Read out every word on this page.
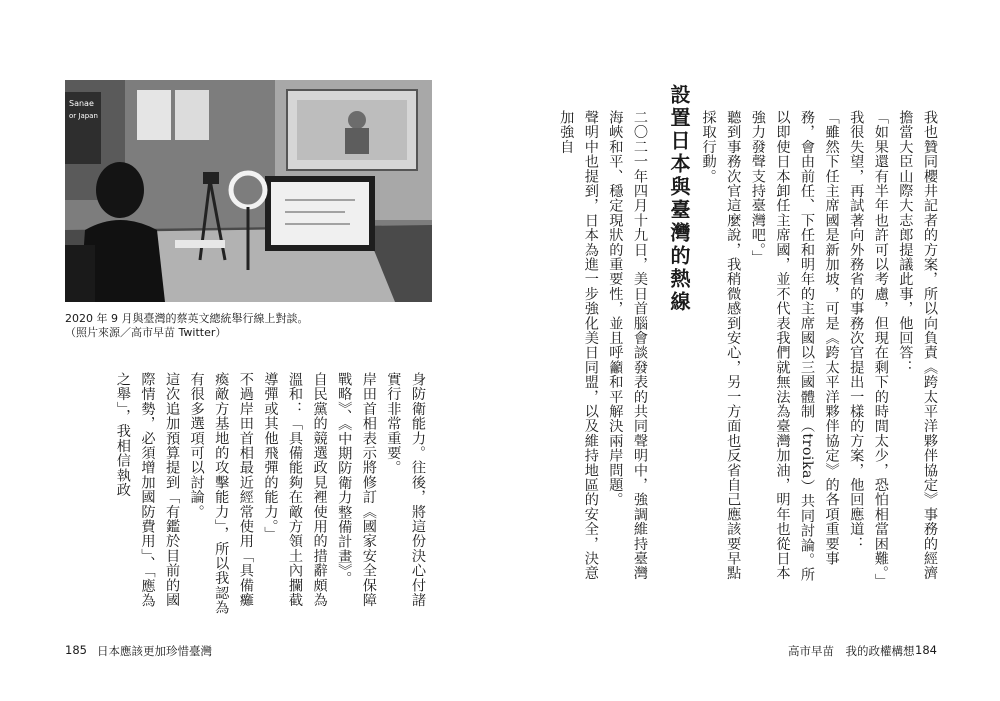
我也贊同櫻井記者的方案，所以向負責《跨太平洋夥伴協定》事務的經濟擔當大臣山際大志郎提議此事，他回答：

「如果還有半年也許可以考慮，但現在剩下的時間太少，恐怕相當困難。」

我很失望，再試著向外務省的事務次官提出一樣的方案，他回應道：

「雖然下任主席國是新加坡，可是《跨太平洋夥伴協定》的各項重要事務，會由前任、下任和明年的主席國以三國體制（troika）共同討論。所以即使日本卸任主席國，並不代表我們就無法為臺灣加油，明年也從日本強力發聲支持臺灣吧。」

聽到事務次官這麼說，我稍微感到安心，另一方面也反省自己應該要早點採取行動。

設置日本與臺灣的熱線

二〇二一年四月十九日，美日首腦會談發表的共同聲明中，強調維持臺灣海峽和平、穩定現狀的重要性，並且呼籲和平解決兩岸問題。

聲明中也提到，日本為進一步強化美日同盟，以及維持地區的安全，決意加強自

高市早苗　我的政權構想 184
Sanae
or Japan
2020 年 9 月與臺灣的蔡英文總統舉行線上對談。
（照片來源／高市早苗 Twitter）

身防衛能力。往後，將這份決心付諸實行非常重要。

岸田首相表示將修訂《國家安全保障戰略》、《中期防衛力整備計畫》。

自民黨的競選政見裡使用的措辭頗為溫和：「具備能夠在敵方領土內攔截導彈或其他飛彈的能力。」

不過岸田首相最近經常使用「具備癱瘓敵方基地的攻擊能力」，所以我認為有很多選項可以討論。

這次追加預算提到「有鑑於目前的國際情勢，必須增加國防費用」、「應為之舉」，我相信執政

185 日本應該更加珍惜臺灣
